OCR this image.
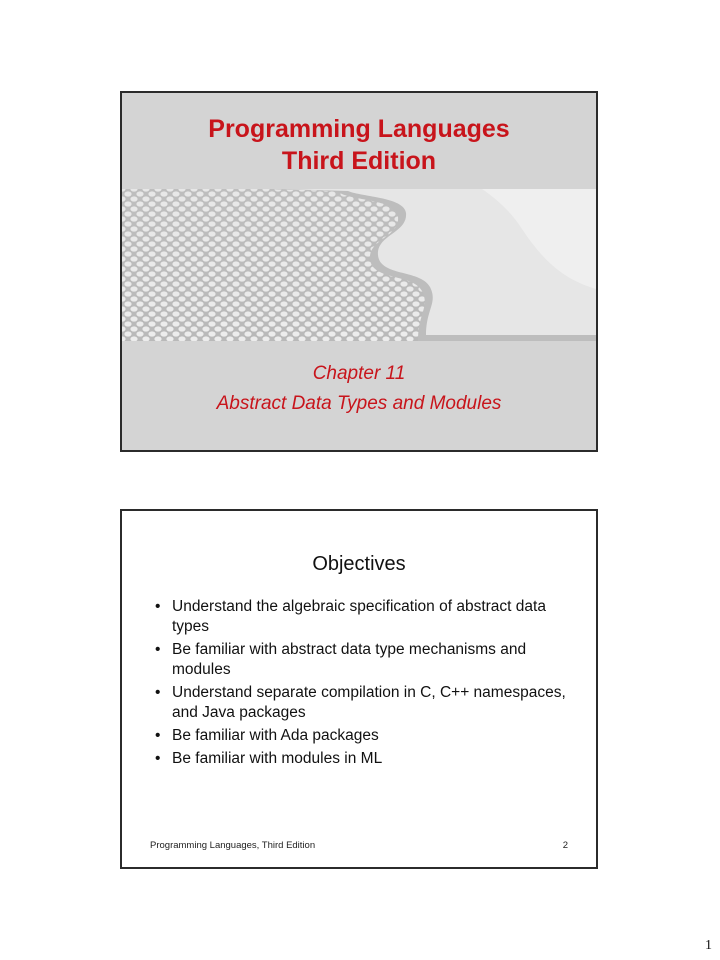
Programming Languages
Third Edition
Chapter 11
Abstract Data Types and Modules
Objectives
• Understand the algebraic specification of abstract data types
• Be familiar with abstract data type mechanisms and modules
• Understand separate compilation in C, C++ namespaces, and Java packages
• Be familiar with Ada packages
• Be familiar with modules in ML
Programming Languages, Third Edition	2
1
